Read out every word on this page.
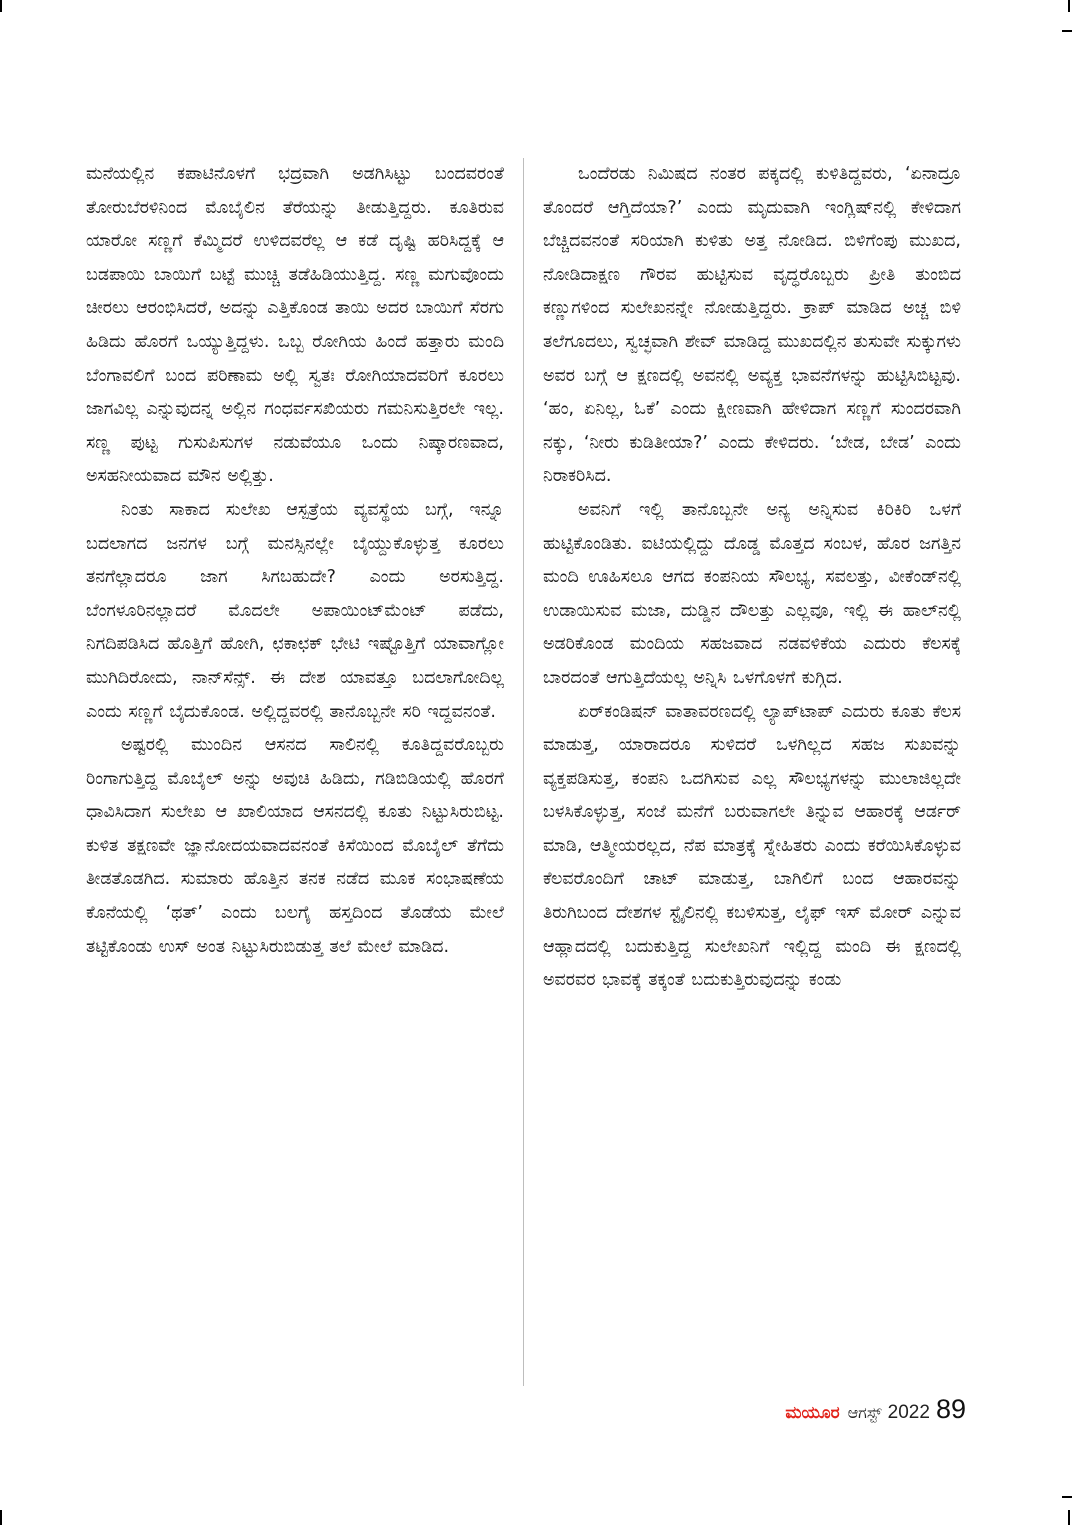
ಮನೆಯಲ್ಲಿನ ಕಪಾಟಿನೊಳಗೆ ಭದ್ರವಾಗಿ ಅಡಗಿಸಿಟ್ಟು ಬಂದವರಂತೆ ತೋರುಬೆರಳಿನಿಂದ ಮೊಬೈಲಿನ ತೆರೆಯನ್ನು ತೀಡುತ್ತಿದ್ದರು. ಕೂತಿರುವ ಯಾರೋ ಸಣ್ಣಗೆ ಕೆಮ್ಮಿದರೆ ಉಳಿದವರೆಲ್ಲ ಆ ಕಡೆ ದೃಷ್ಟಿ ಹರಿಸಿದ್ದಕ್ಕೆ ಆ ಬಡಪಾಯಿ ಬಾಯಿಗೆ ಬಟ್ಟೆ ಮುಚ್ಚಿ ತಡೆಹಿಡಿಯುತ್ತಿದ್ದ. ಸಣ್ಣ ಮಗುವೊಂದು ಚೀರಲು ಆರಂಭಿಸಿದರೆ, ಅದನ್ನು ಎತ್ತಿಕೊಂಡ ತಾಯಿ ಅದರ ಬಾಯಿಗೆ ಸೆರಗು ಹಿಡಿದು ಹೊರಗೆ ಒಯ್ಯುತ್ತಿದ್ದಳು. ಒಬ್ಬ ರೋಗಿಯ ಹಿಂದೆ ಹತ್ತಾರು ಮಂದಿ ಬೆಂಗಾವಲಿಗೆ ಬಂದ ಪರಿಣಾಮ ಅಲ್ಲಿ ಸ್ವತಃ ರೋಗಿಯಾದವರಿಗೆ ಕೂರಲು ಜಾಗವಿಲ್ಲ ಎನ್ನುವುದನ್ನ ಅಲ್ಲಿನ ಗಂಧರ್ವಸಖಿಯರು ಗಮನಿಸುತ್ತಿರಲೇ ಇಲ್ಲ. ಸಣ್ಣ ಪುಟ್ಟ ಗುಸುಪಿಸುಗಳ ನಡುವೆಯೂ ಒಂದು ನಿಷ್ಕಾರಣವಾದ, ಅಸಹನೀಯವಾದ ಮೌನ ಅಲ್ಲಿತ್ತು.

ನಿಂತು ಸಾಕಾದ ಸುಲೇಖ ಆಸ್ಪತ್ರೆಯ ವ್ಯವಸ್ಥೆಯ ಬಗ್ಗೆ, ಇನ್ನೂ ಬದಲಾಗದ ಜನಗಳ ಬಗ್ಗೆ ಮನಸ್ಸಿನಲ್ಲೇ ಬೈಯ್ದುಕೊಳ್ಳುತ್ತ ಕೂರಲು ತನಗೆಲ್ಲಾದರೂ ಜಾಗ ಸಿಗಬಹುದೇ? ಎಂದು ಅರಸುತ್ತಿದ್ದ. ಬೆಂಗಳೂರಿನಲ್ಲಾದರೆ ಮೊದಲೇ ಅಪಾಯಿಂಟ್‌ಮೆಂಟ್ ಪಡೆದು, ನಿಗದಿಪಡಿಸಿದ ಹೊತ್ತಿಗೆ ಹೋಗಿ, ಛಕಾಛಕ್ ಭೇಟಿ ಇಷ್ಟೊತ್ತಿಗೆ ಯಾವಾಗ್ಲೋ ಮುಗಿದಿರೋದು, ನಾನ್‌ಸೆನ್ಸ್. ಈ ದೇಶ ಯಾವತ್ತೂ ಬದಲಾಗೋದಿಲ್ಲ ಎಂದು ಸಣ್ಣಗೆ ಬೈದುಕೊಂಡ. ಅಲ್ಲಿದ್ದವರಲ್ಲಿ ತಾನೊಬ್ಬನೇ ಸರಿ ಇದ್ದವನಂತೆ.

ಅಷ್ಟರಲ್ಲಿ ಮುಂದಿನ ಆಸನದ ಸಾಲಿನಲ್ಲಿ ಕೂತಿದ್ದವರೊಬ್ಬರು ರಿಂಗಾಗುತ್ತಿದ್ದ ಮೊಬೈಲ್ ಅನ್ನು ಅವುಚಿ ಹಿಡಿದು, ಗಡಿಬಿಡಿಯಲ್ಲಿ ಹೊರಗೆ ಧಾವಿಸಿದಾಗ ಸುಲೇಖ ಆ ಖಾಲಿಯಾದ ಆಸನದಲ್ಲಿ ಕೂತು ನಿಟ್ಟುಸಿರುಬಿಟ್ಟ. ಕುಳಿತ ತಕ್ಷಣವೇ ಜ್ಞಾನೋದಯವಾದವನಂತೆ ಕಿಸೆಯಿಂದ ಮೊಬೈಲ್ ತೆಗೆದು ತೀಡತೊಡಗಿದ. ಸುಮಾರು ಹೊತ್ತಿನ ತನಕ ನಡೆದ ಮೂಕ ಸಂಭಾಷಣೆಯ ಕೊನೆಯಲ್ಲಿ ‘ಥತ್’ ಎಂದು ಬಲಗೈ ಹಸ್ತದಿಂದ ತೊಡೆಯ ಮೇಲೆ ತಟ್ಟಿಕೊಂಡು ಉಸ್ ಅಂತ ನಿಟ್ಟುಸಿರುಬಿಡುತ್ತ ತಲೆ ಮೇಲೆ ಮಾಡಿದ.

ಒಂದೆರಡು ನಿಮಿಷದ ನಂತರ ಪಕ್ಕದಲ್ಲಿ ಕುಳಿತಿದ್ದವರು, ‘ಏನಾದ್ರೂ ತೊಂದರೆ ಆಗ್ತಿದೆಯಾ?’ ಎಂದು ಮೃದುವಾಗಿ ಇಂಗ್ಲಿಷ್‌ನಲ್ಲಿ ಕೇಳಿದಾಗ ಬೆಚ್ಚಿದವನಂತೆ ಸರಿಯಾಗಿ ಕುಳಿತು ಅತ್ತ ನೋಡಿದ. ಬಿಳಿಗೆಂಪು ಮುಖದ, ನೋಡಿದಾಕ್ಷಣ ಗೌರವ ಹುಟ್ಟಿಸುವ ವೃದ್ಧರೊಬ್ಬರು ಪ್ರೀತಿ ತುಂಬಿದ ಕಣ್ಣುಗಳಿಂದ ಸುಲೇಖನನ್ನೇ ನೋಡುತ್ತಿದ್ದರು. ಕ್ರಾಪ್ ಮಾಡಿದ ಅಚ್ಚ ಬಿಳಿ ತಲೆಗೂದಲು, ಸ್ವಚ್ಛವಾಗಿ ಶೇವ್ ಮಾಡಿದ್ದ ಮುಖದಲ್ಲಿನ ತುಸುವೇ ಸುಕ್ಕುಗಳು ಅವರ ಬಗ್ಗೆ ಆ ಕ್ಷಣದಲ್ಲಿ ಅವನಲ್ಲಿ ಅವ್ಯಕ್ತ ಭಾವನೆಗಳನ್ನು ಹುಟ್ಟಿಸಿಬಿಟ್ಟವು. ‘ಹಂ, ಏನಿಲ್ಲ, ಓಕೆ’ ಎಂದು ಕ್ಷೀಣವಾಗಿ ಹೇಳಿದಾಗ ಸಣ್ಣಗೆ ಸುಂದರವಾಗಿ ನಕ್ಕು, ‘ನೀರು ಕುಡಿತೀಯಾ?’ ಎಂದು ಕೇಳಿದರು. ‘ಬೇಡ, ಬೇಡ’ ಎಂದು ನಿರಾಕರಿಸಿದ.

ಅವನಿಗೆ ಇಲ್ಲಿ ತಾನೊಬ್ಬನೇ ಅನ್ಯ ಅನ್ನಿಸುವ ಕಿರಿಕಿರಿ ಒಳಗೆ ಹುಟ್ಟಿಕೊಂಡಿತು. ಐಟಿಯಲ್ಲಿದ್ದು ದೊಡ್ಡ ಮೊತ್ತದ ಸಂಬಳ, ಹೊರ ಜಗತ್ತಿನ ಮಂದಿ ಊಹಿಸಲೂ ಆಗದ ಕಂಪನಿಯ ಸೌಲಭ್ಯ, ಸವಲತ್ತು, ವೀಕೆಂಡ್‌ನಲ್ಲಿ ಉಡಾಯಿಸುವ ಮಜಾ, ದುಡ್ಡಿನ ದೌಲತ್ತು ಎಲ್ಲವೂ, ಇಲ್ಲಿ ಈ ಹಾಲ್‌ನಲ್ಲಿ ಅಡರಿಕೊಂಡ ಮಂದಿಯ ಸಹಜವಾದ ನಡವಳಿಕೆಯ ಎದುರು ಕೆಲಸಕ್ಕೆ ಬಾರದಂತೆ ಆಗುತ್ತಿದೆಯಲ್ಲ ಅನ್ನಿಸಿ ಒಳಗೊಳಗೆ ಕುಗ್ಗಿದ.

ಏರ್‌ಕಂಡಿಷನ್ ವಾತಾವರಣದಲ್ಲಿ ಲ್ಯಾಪ್‌ಟಾಪ್ ಎದುರು ಕೂತು ಕೆಲಸ ಮಾಡುತ್ತ, ಯಾರಾದರೂ ಸುಳಿದರೆ ಒಳಗಿಲ್ಲದ ಸಹಜ ಸುಖವನ್ನು ವ್ಯಕ್ತಪಡಿಸುತ್ತ, ಕಂಪನಿ ಒದಗಿಸುವ ಎಲ್ಲ ಸೌಲಭ್ಯಗಳನ್ನು ಮುಲಾಜಿಲ್ಲದೇ ಬಳಸಿಕೊಳ್ಳುತ್ತ, ಸಂಜೆ ಮನೆಗೆ ಬರುವಾಗಲೇ ತಿನ್ನುವ ಆಹಾರಕ್ಕೆ ಆರ್ಡರ್ ಮಾಡಿ, ಆತ್ಮೀಯರಲ್ಲದ, ನೆಪ ಮಾತ್ರಕ್ಕೆ ಸ್ನೇಹಿತರು ಎಂದು ಕರೆಯಿಸಿಕೊಳ್ಳುವ ಕೆಲವರೊಂದಿಗೆ ಚಾಟ್ ಮಾಡುತ್ತ, ಬಾಗಿಲಿಗೆ ಬಂದ ಆಹಾರವನ್ನು ತಿರುಗಿಬಂದ ದೇಶಗಳ ಸ್ಟೈಲಿನಲ್ಲಿ ಕಬಳಿಸುತ್ತ, ಲೈಫ್ ಇಸ್ ಮೋರ್ ಎನ್ನುವ ಆಹ್ಲಾದದಲ್ಲಿ ಬದುಕುತ್ತಿದ್ದ ಸುಲೇಖನಿಗೆ ಇಲ್ಲಿದ್ದ ಮಂದಿ ಈ ಕ್ಷಣದಲ್ಲಿ ಅವರವರ ಭಾವಕ್ಕೆ ತಕ್ಕಂತೆ ಬದುಕುತ್ತಿರುವುದನ್ನು ಕಂಡು

ಮಯೂರ ಆಗಸ್ಟ್ 2022 89
